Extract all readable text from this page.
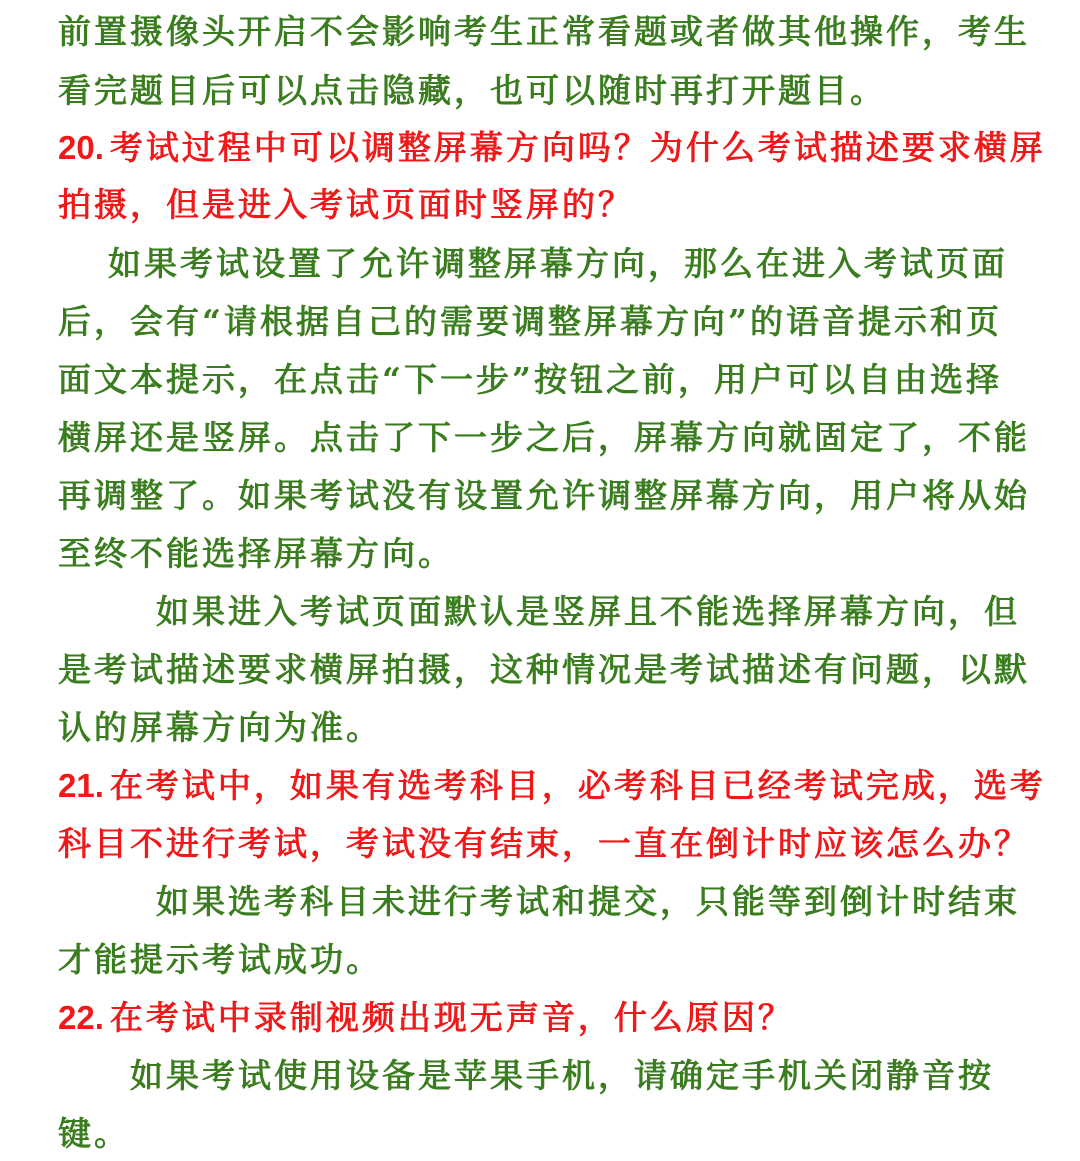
前置摄像头开启不会影响考生正常看题或者做其他操作，考生
看完题目后可以点击隐藏，也可以随时再打开题目。
20. 考试过程中可以调整屏幕方向吗？为什么考试描述要求横屏
拍摄，但是进入考试页面时竖屏的？
如果考试设置了允许调整屏幕方向，那么在进入考试页面
后，会有“请根据自己的需要调整屏幕方向”的语音提示和页
面文本提示，在点击“下一步”按钮之前，用户可以自由选择
横屏还是竖屏。点击了下一步之后，屏幕方向就固定了，不能
再调整了。如果考试没有设置允许调整屏幕方向，用户将从始
至终不能选择屏幕方向。
如果进入考试页面默认是竖屏且不能选择屏幕方向，但
是考试描述要求横屏拍摄，这种情况是考试描述有问题，以默
认的屏幕方向为准。
21. 在考试中，如果有选考科目，必考科目已经考试完成，选考
科目不进行考试，考试没有结束，一直在倒计时应该怎么办？
如果选考科目未进行考试和提交，只能等到倒计时结束
才能提示考试成功。
22. 在考试中录制视频出现无声音，什么原因？
如果考试使用设备是苹果手机，请确定手机关闭静音按
键。
